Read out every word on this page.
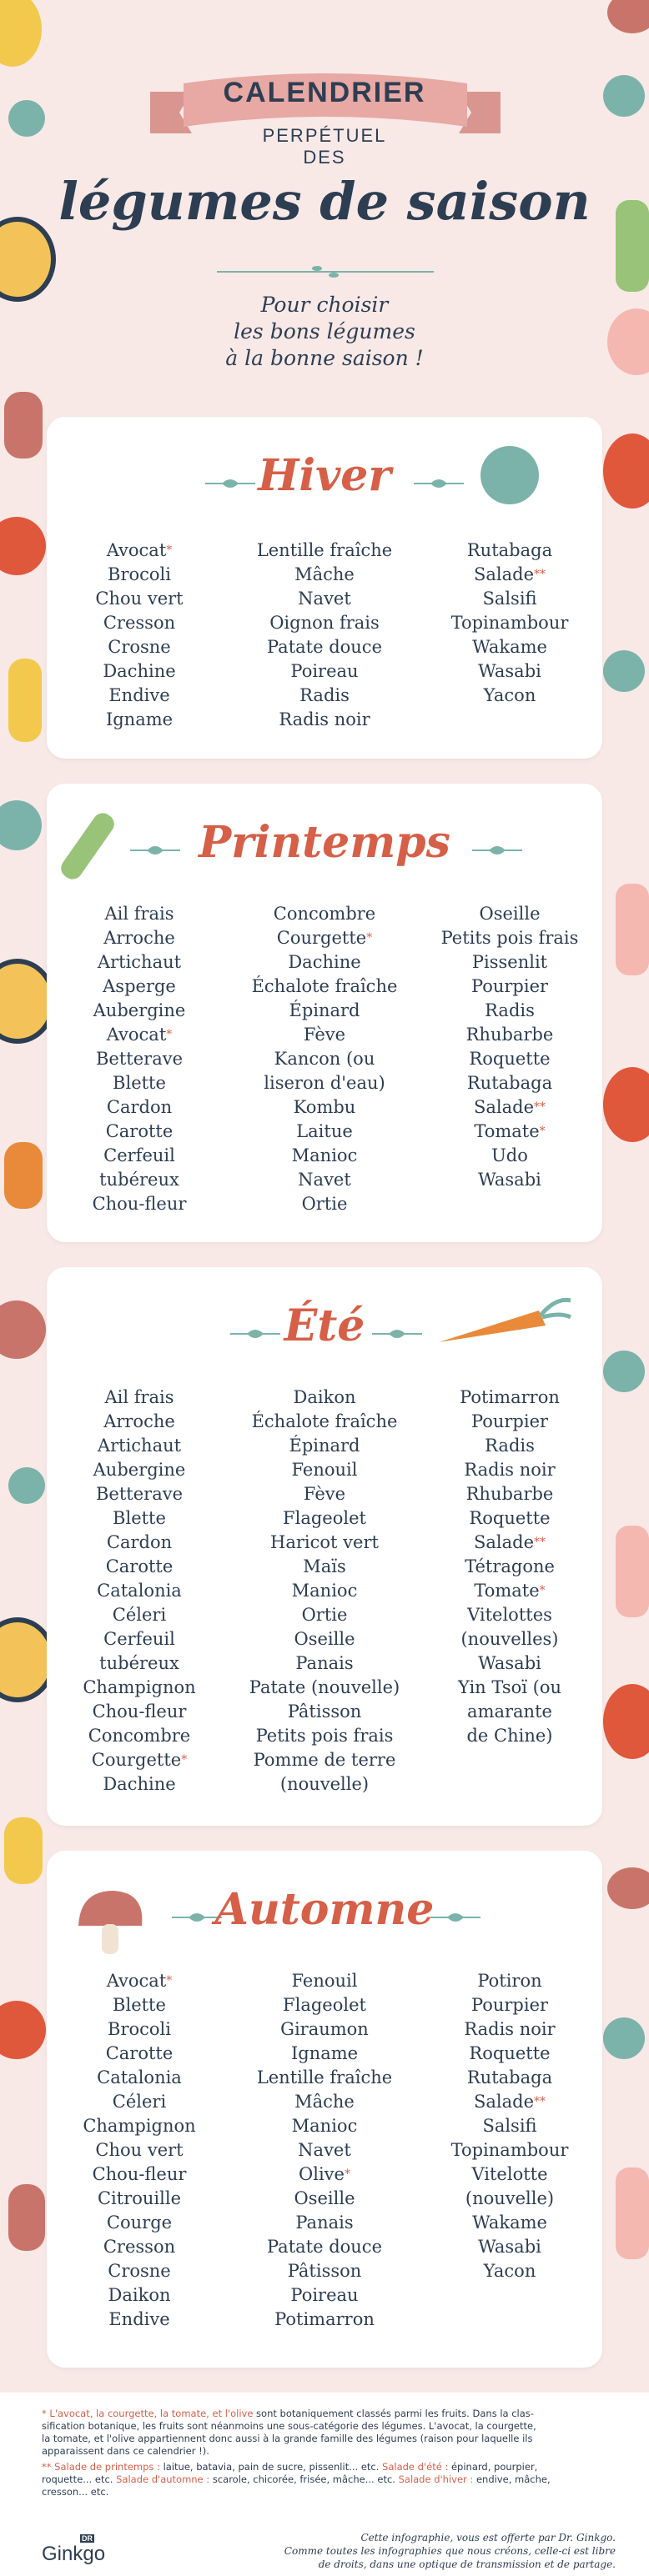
CALENDRIER
PERPÉTUEL
DES
légumes de saison
Pour choisir
les bons légumes
à la bonne saison !
Hiver
Avocat*
Brocoli
Chou vert
Cresson
Crosne
Dachine
Endive
Igname
Lentille fraîche
Mâche
Navet
Oignon frais
Patate douce
Poireau
Radis
Radis noir
Rutabaga
Salade**
Salsifi
Topinambour
Wakame
Wasabi
Yacon
Printemps
Ail frais
Arroche
Artichaut
Asperge
Aubergine
Avocat*
Betterave
Blette
Cardon
Carotte
Cerfeuil
tubéreux
Chou-fleur
Concombre
Courgette*
Dachine
Échalote fraîche
Épinard
Fève
Kancon (ou
liseron d'eau)
Kombu
Laitue
Manioc
Navet
Ortie
Oseille
Petits pois frais
Pissenlit
Pourpier
Radis
Rhubarbe
Roquette
Rutabaga
Salade**
Tomate*
Udo
Wasabi
Été
Ail frais
Arroche
Artichaut
Aubergine
Betterave
Blette
Cardon
Carotte
Catalonia
Céleri
Cerfeuil
tubéreux
Champignon
Chou-fleur
Concombre
Courgette*
Dachine
Daikon
Échalote fraîche
Épinard
Fenouil
Fève
Flageolet
Haricot vert
Maïs
Manioc
Ortie
Oseille
Panais
Patate (nouvelle)
Pâtisson
Petits pois frais
Pomme de terre
(nouvelle)
Potimarron
Pourpier
Radis
Radis noir
Rhubarbe
Roquette
Salade**
Tétragone
Tomate*
Vitelottes
(nouvelles)
Wasabi
Yin Tsoï (ou
amarante
de Chine)
Automne
Avocat*
Blette
Brocoli
Carotte
Catalonia
Céleri
Champignon
Chou vert
Chou-fleur
Citrouille
Courge
Cresson
Crosne
Daikon
Endive
Fenouil
Flageolet
Giraumon
Igname
Lentille fraîche
Mâche
Manioc
Navet
Olive*
Oseille
Panais
Patate douce
Pâtisson
Poireau
Potimarron
Potiron
Pourpier
Radis noir
Roquette
Rutabaga
Salade**
Salsifi
Topinambour
Vitelotte
(nouvelle)
Wakame
Wasabi
Yacon
* L'avocat, la courgette, la tomate, et l'olive sont botaniquement classés parmi les fruits. Dans la clas-
sification botanique, les fruits sont néanmoins une sous-catégorie des légumes. L'avocat, la courgette,
la tomate, et l'olive appartiennent donc aussi à la grande famille des légumes (raison pour laquelle ils
apparaissent dans ce calendrier !).
** Salade de printemps : laitue, batavia, pain de sucre, pissenlit... etc. Salade d'été : épinard, pourpier,
roquette... etc. Salade d'automne : scarole, chicorée, frisée, mâche... etc. Salade d'hiver : endive, mâche,
cresson... etc.
DR
Ginkgo
Cette infographie, vous est offerte par Dr. Ginkgo.
Comme toutes les infographies que nous créons, celle-ci est libre
de droits, dans une optique de transmission et de partage.
